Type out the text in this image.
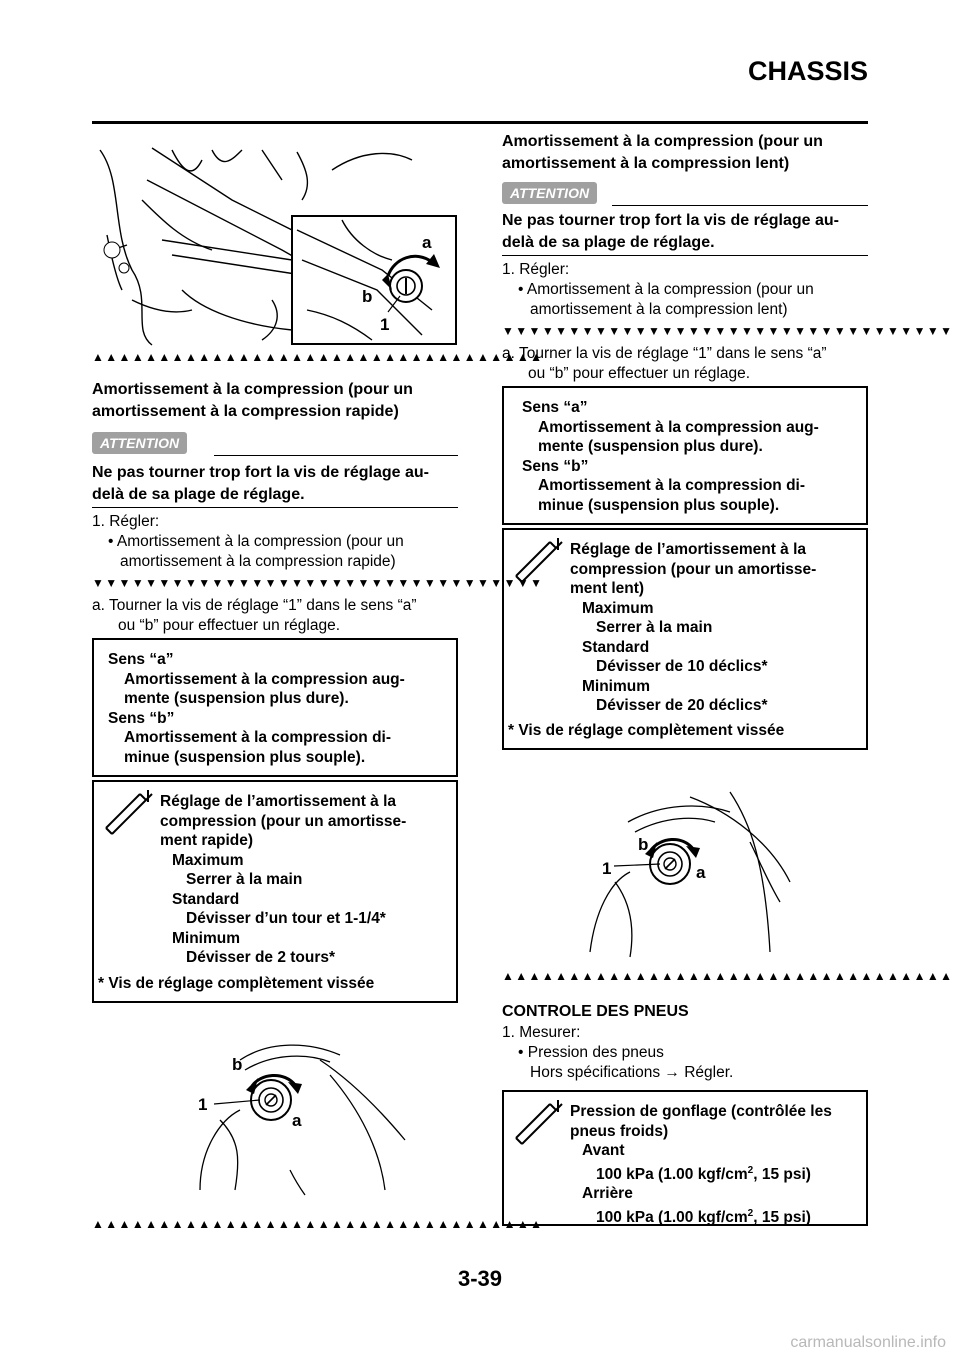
CHASSIS
a
b
1
▲▲▲▲▲▲▲▲▲▲▲▲▲▲▲▲▲▲▲▲▲▲▲▲▲▲▲▲▲▲▲▲▲▲
Amortissement à la compression (pour un
amortissement à la compression rapide)
ATTENTION
Ne pas tourner trop fort la vis de réglage au-
delà de sa plage de réglage.
1. Régler:
• Amortissement à la compression (pour un
amortissement à la compression rapide)
▼▼▼▼▼▼▼▼▼▼▼▼▼▼▼▼▼▼▼▼▼▼▼▼▼▼▼▼▼▼▼▼▼▼
a. Tourner la vis de réglage “1” dans le sens “a”
ou “b” pour effectuer un réglage.
Sens “a”
Amortissement à la compression aug-
mente (suspension plus dure).
Sens “b”
Amortissement à la compression di-
minue (suspension plus souple).
Réglage de l’amortissement à la
compression (pour un amortisse-
ment rapide)
Maximum
Serrer à la main
Standard
Dévisser d’un tour et 1-1/4*
Minimum
Dévisser de 2 tours*
* Vis de réglage complètement vissée
b
1
a
▲▲▲▲▲▲▲▲▲▲▲▲▲▲▲▲▲▲▲▲▲▲▲▲▲▲▲▲▲▲▲▲▲▲
Amortissement à la compression (pour un
amortissement à la compression lent)
ATTENTION
Ne pas tourner trop fort la vis de réglage au-
delà de sa plage de réglage.
1. Régler:
• Amortissement à la compression (pour un
amortissement à la compression lent)
▼▼▼▼▼▼▼▼▼▼▼▼▼▼▼▼▼▼▼▼▼▼▼▼▼▼▼▼▼▼▼▼▼▼
a. Tourner la vis de réglage “1” dans le sens “a”
ou “b” pour effectuer un réglage.
Sens “a”
Amortissement à la compression aug-
mente (suspension plus dure).
Sens “b”
Amortissement à la compression di-
minue (suspension plus souple).
Réglage de l’amortissement à la
compression (pour un amortisse-
ment lent)
Maximum
Serrer à la main
Standard
Dévisser de 10 déclics*
Minimum
Dévisser de 20 déclics*
* Vis de réglage complètement vissée
b
1	a
▲▲▲▲▲▲▲▲▲▲▲▲▲▲▲▲▲▲▲▲▲▲▲▲▲▲▲▲▲▲▲▲▲▲
CONTROLE DES PNEUS
1. Mesurer:
• Pression des pneus
Hors spécifications → Régler.
Pression de gonflage (contrôlée les
pneus froids)
Avant
100 kPa (1.00 kgf/$cm^2$, 15 psi)
Arrière
100 kPa (1.00 kgf/$cm^2$, 15 psi)
3-39
carmanualsonline.info
